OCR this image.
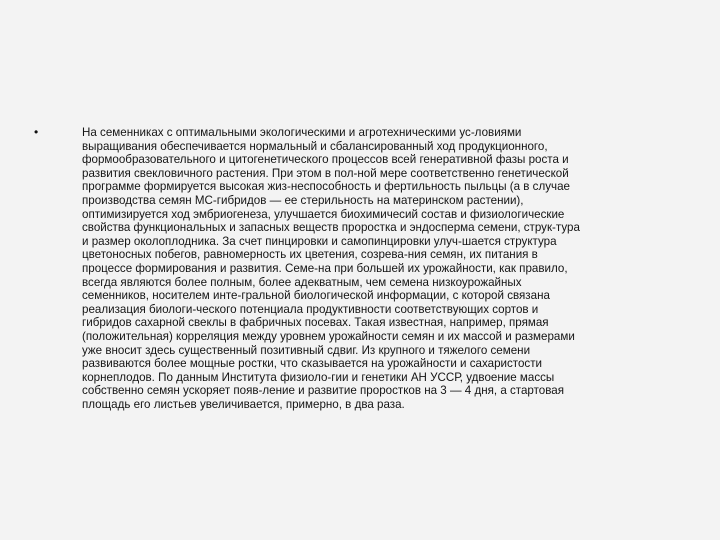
•	На семенниках с оптимальными экологическими и агротехническими ус-ловиями
выращивания обеспечивается нормальный и сбалансированный ход продукционного,
формообразовательного и цитогенетического процессов всей генеративной фазы роста и
развития свекловичного растения. При этом в пол-ной мере соответственно генетической
программе формируется высокая жиз-неспособность и фертильность пыльцы (а в случае
производства семян МС-гибридов — ее стерильность на материнском растении),
оптимизируется ход эмбриогенеза, улучшается биохимичесий состав и физиологические
свойства функциональных и запасных веществ проростка и эндосперма семени, струк-тура
и размер околоплодника. За счет пинцировки и самопинцировки улуч-шается структура
цветоносных побегов, равномерность их цветения, созрева-ния семян, их питания в
процессе формирования и развития. Семе-на при большей их урожайности, как правило,
всегда являются более полным, более адекватным, чем семена низкоурожайных
семенников, носителем инте-гральной биологической информации, с которой связана
реализация биологи-ческого потенциала продуктивности соответствующих сортов и
гибридов сахарной свеклы в фабричных посевах. Такая известная, например, прямая
(положительная) корреляция между уровнем урожайности семян и их массой и размерами
уже вносит здесь существенный позитивный сдвиг. Из крупного и тяжелого семени
развиваются более мощные ростки, что сказывается на урожайности и сахаристости
корнеплодов. По данным Института физиоло-гии и генетики АН УССР, удвоение массы
собственно семян ускоряет появ-ление и развитие проростков на 3 — 4 дня, а стартовая
площадь его листьев увеличивается, примерно, в два раза.
